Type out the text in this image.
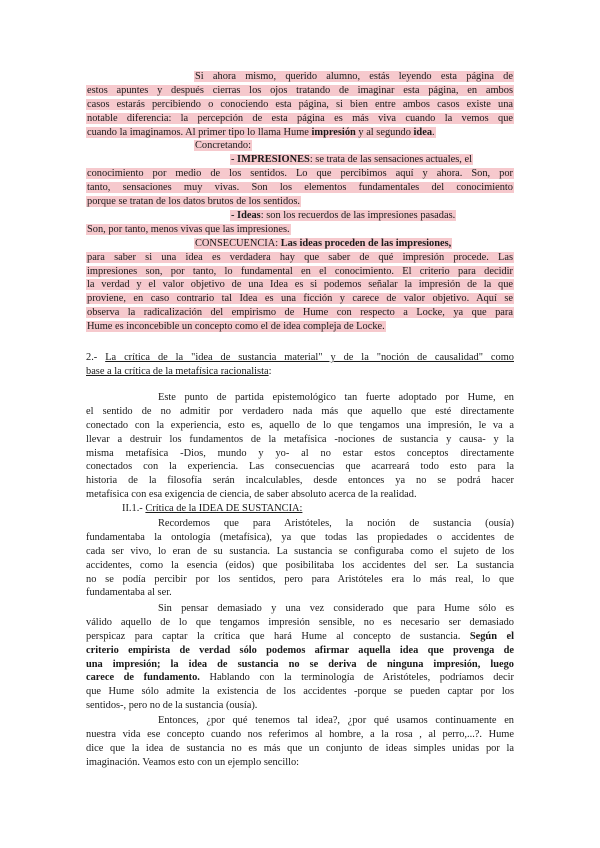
Si ahora mismo, querido alumno, estás leyendo esta página de
estos apuntes y después cierras los ojos tratando de imaginar esta página, en ambos
casos estarás percibiendo o conociendo esta página, si bien entre ambos casos existe una
notable diferencia: la percepción de esta página es más viva cuando la vemos que
cuando la imaginamos. Al primer tipo lo llama Hume impresión y al segundo idea.
Concretando:
- IMPRESIONES: se trata de las sensaciones actuales, el
conocimiento por medio de los sentidos. Lo que percibimos aquí y ahora. Son, por
tanto, sensaciones muy vivas. Son los elementos fundamentales del conocimiento
porque se tratan de los datos brutos de los sentidos.
- Ideas: son los recuerdos de las impresiones pasadas.
Son, por tanto, menos vivas que las impresiones.
CONSECUENCIA: Las ideas proceden de las impresiones,
para saber si una idea es verdadera hay que saber de qué impresión procede. Las
impresiones son, por tanto, lo fundamental en el conocimiento. El criterio para decidir
la verdad y el valor objetivo de una Idea es si podemos señalar la impresión de la que
proviene, en caso contrario tal Idea es una ficción y carece de valor objetivo. Aquí se
observa la radicalización del empirismo de Hume con respecto a Locke, ya que para
Hume es inconcebible un concepto como el de idea compleja de Locke.
2.- La crítica de la "idea de sustancia material" y de la "noción de causalidad" como
base a la crítica de la metafísica racionalista:
Este punto de partida epistemológico tan fuerte adoptado por Hume, en
el sentido de no admitir por verdadero nada más que aquello que esté directamente
conectado con la experiencia, esto es, aquello de lo que tengamos una impresión, le va a
llevar a destruir los fundamentos de la metafísica -nociones de sustancia y causa- y la
misma metafísica -Dios, mundo y yo- al no estar estos conceptos directamente
conectados con la experiencia. Las consecuencias que acarreará todo esto para la
historia de la filosofía serán incalculables, desde entonces ya no se podrá hacer
metafísica con esa exigencia de ciencia, de saber absoluto acerca de la realidad.
II.1.- Crítica de la IDEA DE SUSTANCIA:
Recordemos que para Aristóteles, la noción de sustancia (ousía)
fundamentaba la ontología (metafísica), ya que todas las propiedades o accidentes de
cada ser vivo, lo eran de su sustancia. La sustancia se configuraba como el sujeto de los
accidentes, como la esencia (eidos) que posibilitaba los accidentes del ser. La sustancia
no se podía percibir por los sentidos, pero para Aristóteles era lo más real, lo que
fundamentaba al ser.
Sin pensar demasiado y una vez considerado que para Hume sólo es
válido aquello de lo que tengamos impresión sensible, no es necesario ser demasiado
perspicaz para captar la crítica que hará Hume al concepto de sustancia. Según el
criterio empirista de verdad sólo podemos afirmar aquella idea que provenga de
una impresión; la idea de sustancia no se deriva de ninguna impresión, luego
carece de fundamento. Hablando con la terminología de Aristóteles, podríamos decir
que Hume sólo admite la existencia de los accidentes -porque se pueden captar por los
sentidos-, pero no de la sustancia (ousía).
Entonces, ¿por qué tenemos tal idea?, ¿por qué usamos continuamente en
nuestra vida ese concepto cuando nos referimos al hombre, a la rosa , al perro,...?. Hume
dice que la idea de sustancia no es más que un conjunto de ideas simples unidas por la
imaginación. Veamos esto con un ejemplo sencillo:
